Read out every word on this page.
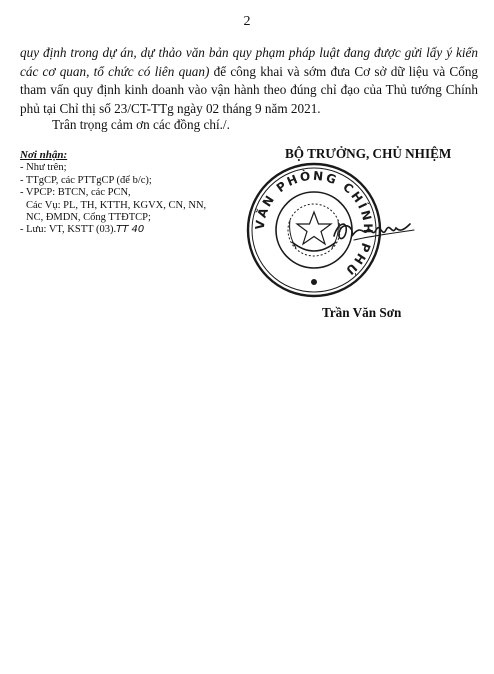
2
quy định trong dự án, dự thảo văn bản quy phạm pháp luật đang được gửi lấy ý kiến các cơ quan, tổ chức có liên quan) để công khai và sớm đưa Cơ sở dữ liệu và Cổng tham vấn quy định kinh doanh vào vận hành theo đúng chỉ đạo của Thủ tướng Chính phủ tại Chỉ thị số 23/CT-TTg ngày 02 tháng 9 năm 2021.
Trân trọng cảm ơn các đồng chí./.
Nơi nhận:
- Như trên;
- TTgCP, các PTTgCP (để b/c);
- VPCP: BTCN, các PCN,
Các Vụ: PL, TH, KTTH, KGVX, CN, NN,
NC, ĐMDN, Cổng TTĐTCP;
- Lưu: VT, KSTT (03).TT 40
BỘ TRƯỞNG, CHỦ NHIỆM
VĂN PHÒNG CHÍNH PHỦ
Trần Văn Sơn
